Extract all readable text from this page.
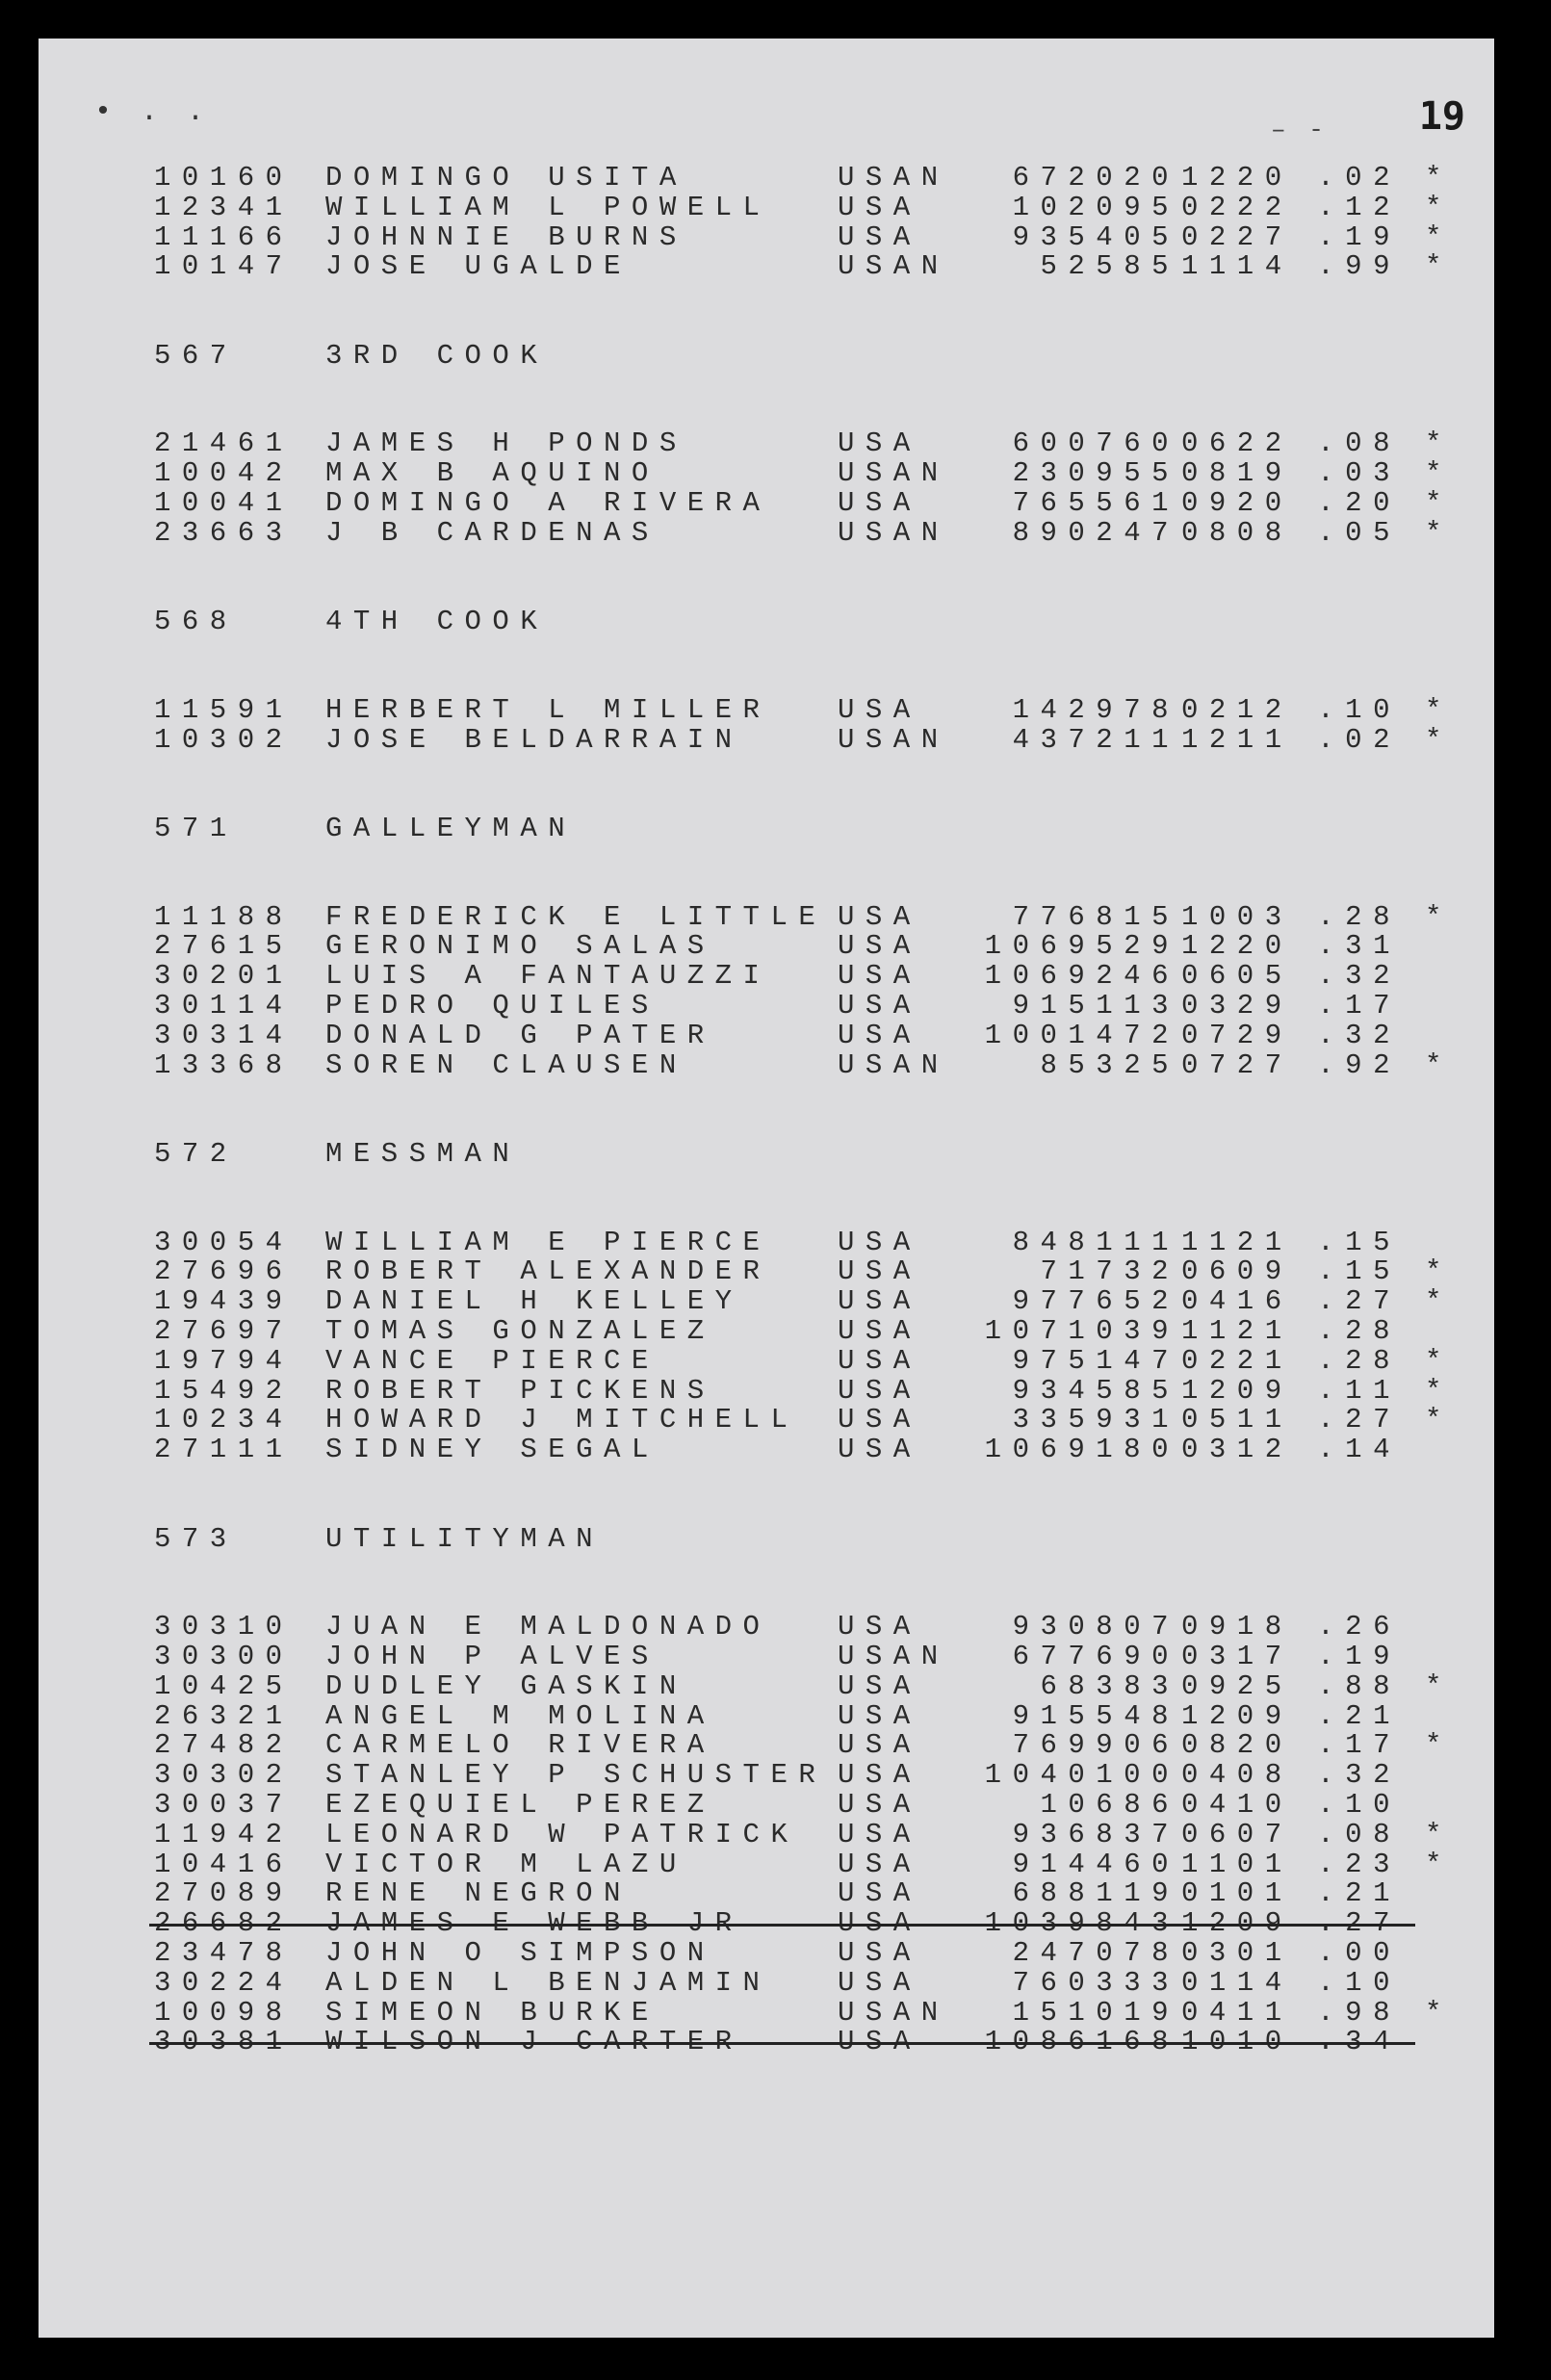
• . .
– - 19
10160 DOMINGO USITA	USAN	672020 1220 .02 *
12341 WILLIAM L POWELL USA	102095 0222 .12 *
11166 JOHNNIE BURNS	USA	935405 0227 .19 *
10147 JOSE UGALDE	USAN	52585 1114 .99 *
567	3RD COOK
21461 JAMES H PONDS	USA	600760 0622 .08 *
10042 MAX B AQUINO	USAN	230955 0819 .03 *
10041 DOMINGO A RIVERA USA	765561 0920 .20 *
23663 J B CARDENAS	USAN	890247 0808 .05 *
568	4TH COOK
11591 HERBERT L MILLER USA	142978 0212 .10 *
10302 JOSE BELDARRAIN	USAN	437211 1211 .02 *
571	GALLEYMAN
11188 FREDERICK E LITTLE USA	776815 1003 .28 *
27615 GERONIMO SALAS	USA	1069529 1220 .31
30201 LUIS A FANTAUZZI USA	1069246 0605 .32
30114 PEDRO QUILES	USA	915113 0329 .17
30314 DONALD G PATER	USA	1001472 0729 .32
13368 SOREN CLAUSEN	USAN	85325 0727 .92 *
572	MESSMAN
30054 WILLIAM E PIERCE USA	848111 1121 .15
27696 ROBERT ALEXANDER USA	71732 0609 .15 *
19439 DANIEL H KELLEY	USA	977652 0416 .27 *
27697 TOMAS GONZALEZ	USA	1071039 1121 .28
19794 VANCE PIERCE	USA	975147 0221 .28 *
15492 ROBERT PICKENS	USA	934585 1209 .11 *
10234 HOWARD J MITCHELL USA	335931 0511 .27 *
27111 SIDNEY SEGAL	USA	1069180 0312 .14
573	UTILITYMAN
30310 JUAN E MALDONADO USA	930807 0918 .26
30300 JOHN P ALVES	USAN	677690 0317 .19
10425 DUDLEY GASKIN	USA	68383 0925 .88 *
26321 ANGEL M MOLINA	USA	915548 1209 .21
27482 CARMELO RIVERA	USA	769906 0820 .17 *
30302 STANLEY P SCHUSTER USA	1040100 0408 .32
30037 EZEQUIEL PEREZ	USA	10686 0410 .10
11942 LEONARD W PATRICK USA	936837 0607 .08 *
10416 VICTOR M LAZU	USA	914460 1101 .23 *
27089 RENE NEGRON	USA	688119 0101 .21
26682 JAMES E WEBB JR	USA	1039843 1209 .27
23478 JOHN O SIMPSON	USA	247078 0301 .00
30224 ALDEN L BENJAMIN USA	760333 0114 .10
10098 SIMEON BURKE	USAN	151019 0411 .98 *
30381 WILSON J CARTER	USA	1086168 1010 .34
